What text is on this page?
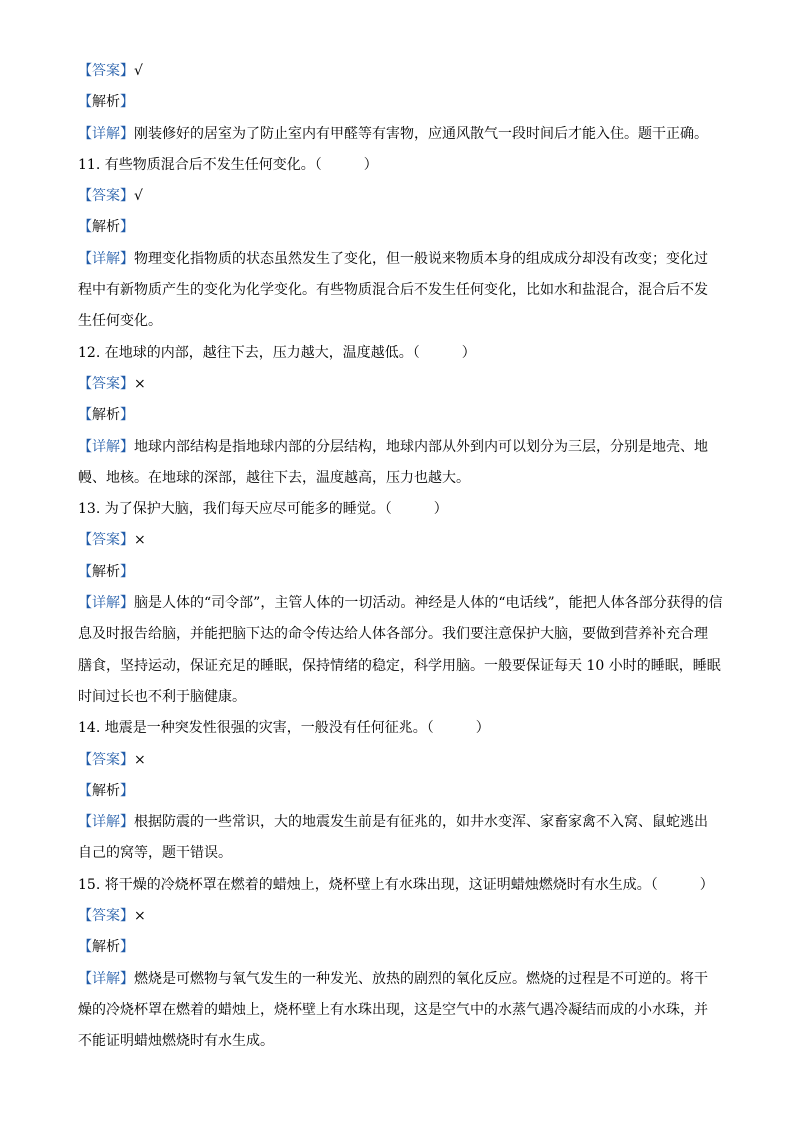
【答案】√
【解析】
【详解】刚装修好的居室为了防止室内有甲醛等有害物，应通风散气一段时间后才能入住。题干正确。
11. 有些物质混合后不发生任何变化。（　　　）
【答案】√
【解析】
【详解】物理变化指物质的状态虽然发生了变化，但一般说来物质本身的组成成分却没有改变；变化过
程中有新物质产生的变化为化学变化。有些物质混合后不发生任何变化，比如水和盐混合，混合后不发
生任何变化。
12. 在地球的内部，越往下去，压力越大，温度越低。（　　　）
【答案】×
【解析】
【详解】地球内部结构是指地球内部的分层结构，地球内部从外到内可以划分为三层，分别是地壳、地
幔、地核。在地球的深部，越往下去，温度越高，压力也越大。
13. 为了保护大脑，我们每天应尽可能多的睡觉。（　　　）
【答案】×
【解析】
【详解】脑是人体的“司令部”，主管人体的一切活动。神经是人体的“电话线”，能把人体各部分获得的信
息及时报告给脑，并能把脑下达的命令传达给人体各部分。我们要注意保护大脑，要做到营养补充合理
膳食，坚持运动，保证充足的睡眠，保持情绪的稳定，科学用脑。一般要保证每天 10 小时的睡眠，睡眠
时间过长也不利于脑健康。
14. 地震是一种突发性很强的灾害，一般没有任何征兆。（　　　）
【答案】×
【解析】
【详解】根据防震的一些常识，大的地震发生前是有征兆的，如井水变浑、家畜家禽不入窝、鼠蛇逃出
自己的窝等，题干错误。
15. 将干燥的冷烧杯罩在燃着的蜡烛上，烧杯壁上有水珠出现，这证明蜡烛燃烧时有水生成。（　　　）
【答案】×
【解析】
【详解】燃烧是可燃物与氧气发生的一种发光、放热的剧烈的氧化反应。燃烧的过程是不可逆的。将干
燥的冷烧杯罩在燃着的蜡烛上，烧杯壁上有水珠出现，这是空气中的水蒸气遇冷凝结而成的小水珠，并
不能证明蜡烛燃烧时有水生成。
